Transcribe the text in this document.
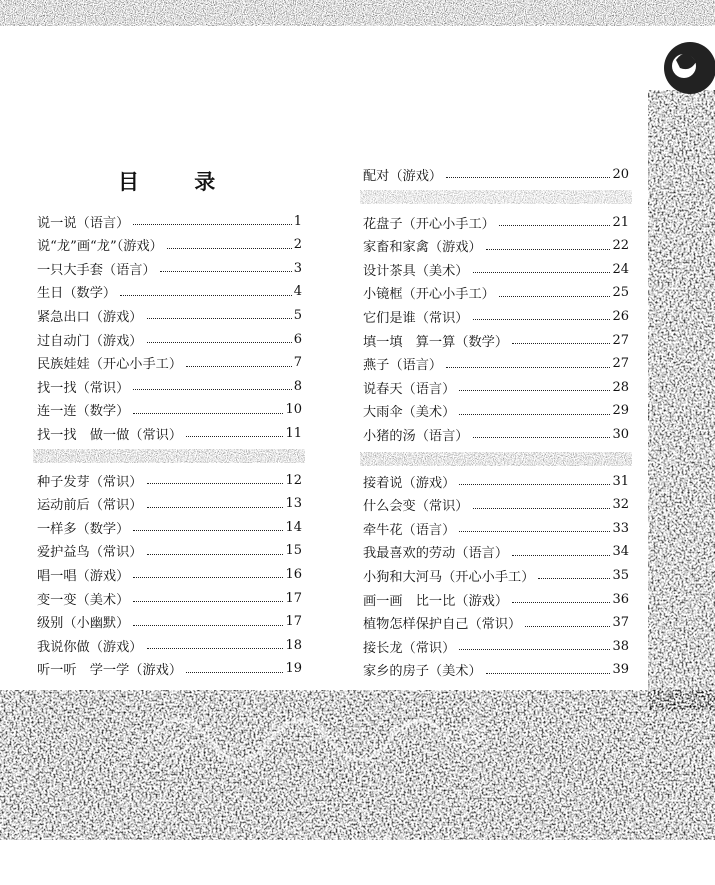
目 录
说一说（语言）	1
说“龙”画“龙”（游戏）	2
一只大手套（语言）	3
生日（数学）	4
紧急出口（游戏）	5
过自动门（游戏）	6
民族娃娃（开心小手工）	7
找一找（常识）	8
连一连（数学）	10
找一找　做一做（常识）	11
种子发芽（常识）	12
运动前后（常识）	13
一样多（数学）	14
爱护益鸟（常识）	15
唱一唱（游戏）	16
变一变（美术）	17
级别（小幽默）	17
我说你做（游戏）	18
听一听　学一学（游戏）	19
配对（游戏）	20
花盘子（开心小手工）	21
家畜和家禽（游戏）	22
设计茶具（美术）	24
小镜框（开心小手工）	25
它们是谁（常识）	26
填一填　算一算（数学）	27
燕子（语言）	27
说春天（语言）	28
大雨伞（美术）	29
小猪的汤（语言）	30
接着说（游戏）	31
什么会变（常识）	32
牵牛花（语言）	33
我最喜欢的劳动（语言）	34
小狗和大河马（开心小手工）	35
画一画　比一比（游戏）	36
植物怎样保护自己（常识）	37
接长龙（常识）	38
家乡的房子（美术）	39
